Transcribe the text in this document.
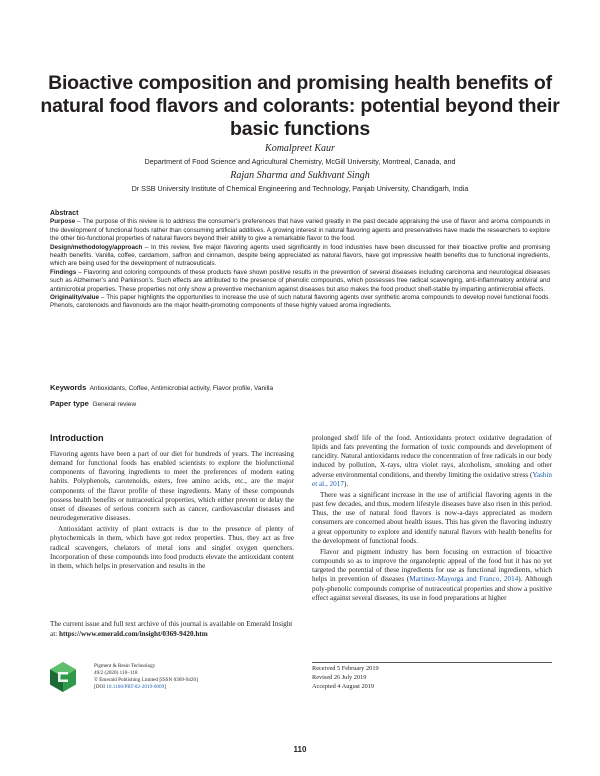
Bioactive composition and promising health benefits of natural food flavors and colorants: potential beyond their basic functions
Komalpreet Kaur
Department of Food Science and Agricultural Chemistry, McGill University, Montreal, Canada, and
Rajan Sharma and Sukhvant Singh
Dr SSB University Institute of Chemical Engineering and Technology, Panjab University, Chandigarh, India

Abstract

Purpose – The purpose of this review is to address the consumer’s preferences that have varied greatly in the past decade appraising the use of flavor and aroma compounds in the development of functional foods rather than consuming artificial additives. A growing interest in natural flavoring agents and preservatives have made the researchers to explore the other bio-functional properties of natural flavors beyond their ability to give a remarkable flavor to the food.

Design/methodology/approach – In this review, five major flavoring agents used significantly in food industries have been discussed for their bioactive profile and promising health benefits. Vanilla, coffee, cardamom, saffron and cinnamon, despite being appreciated as natural flavors, have got impressive health benefits due to functional ingredients, which are being used for the development of nutraceuticals.

Findings – Flavoring and coloring compounds of these products have shown positive results in the prevention of several diseases including carcinoma and neurological diseases such as Alzheimer’s and Parkinson’s. Such effects are attributed to the presence of phenolic compounds, which possesses free radical scavenging, anti-inflammatory antiviral and antimicrobial properties. These properties not only show a preventive mechanism against diseases but also makes the food product shelf-stable by imparting antimicrobial effects.

Originality/value – This paper highlights the opportunities to increase the use of such natural flavoring agents over synthetic aroma compounds to develop novel functional foods. Phenols, carotenoids and flavonoids are the major health-promoting components of these highly valued aroma ingredients.

Keywords Antioxidants, Coffee, Antimicrobial activity, Flavor profile, Vanilla
Paper type General review
Introduction

Flavoring agents have been a part of our diet for hundreds of years. The increasing demand for functional foods has enabled scientists to explore the biofunctional components of flavoring ingredients to meet the preferences of modern eating habits. Polyphenols, carotenoids, esters, free amino acids, etc., are the major components of the flavor profile of these ingredients. Many of these compounds possess health benefits or nutraceutical properties, which either prevent or delay the onset of diseases of serious concern such as cancer, cardiovascular diseases and neurodegenerative diseases.

Antioxidant activity of plant extracts is due to the presence of plenty of phytochemicals in them, which have got redox properties. Thus, they act as free radical scavengers, chelators of metal ions and singlet oxygen quenchers. Incorporation of these compounds into food products elevate the antioxidant content in them, which helps in preservation and results in the

prolonged shelf life of the food. Antioxidants protect oxidative degradation of lipids and fats preventing the formation of toxic compounds and development of rancidity. Natural antioxidants reduce the concentration of free radicals in our body induced by pollution, X-rays, ultra violet rays, alcoholism, smoking and other adverse environmental conditions, and thereby limiting the oxidative stress (Yashin et al., 2017).

There was a significant increase in the use of artificial flavoring agents in the past few decades, and thus, modern lifestyle diseases have also risen in this period. Thus, the use of natural food flavors is now-a-days appreciated as modern consumers are concerned about health issues. This has given the flavoring industry a great opportunity to explore and identify natural flavors with health benefits for the development of functional foods.

Flavor and pigment industry has been focusing on extraction of bioactive compounds so as to improve the organoleptic appeal of the food but it has no yet targeted the potential of these ingredients for use as functional ingredients, which helps in prevention of diseases (Martinez-Mayorga and Franco, 2014). Although poly-phenolic compounds comprise of nutraceutical properties and show a positive effect against several diseases, its use in food preparations at higher

The current issue and full text archive of this journal is available on Emerald Insight at: https://www.emerald.com/insight/0369-9420.htm
Pigment & Resin Technology
49/2 (2020) 110–118
© Emerald Publishing Limited [ISSN 0369-9420]
[DOI 10.1108/PRT-02-2019-0009]
Received 5 February 2019
Revised 26 July 2019
Accepted 4 August 2019
110
